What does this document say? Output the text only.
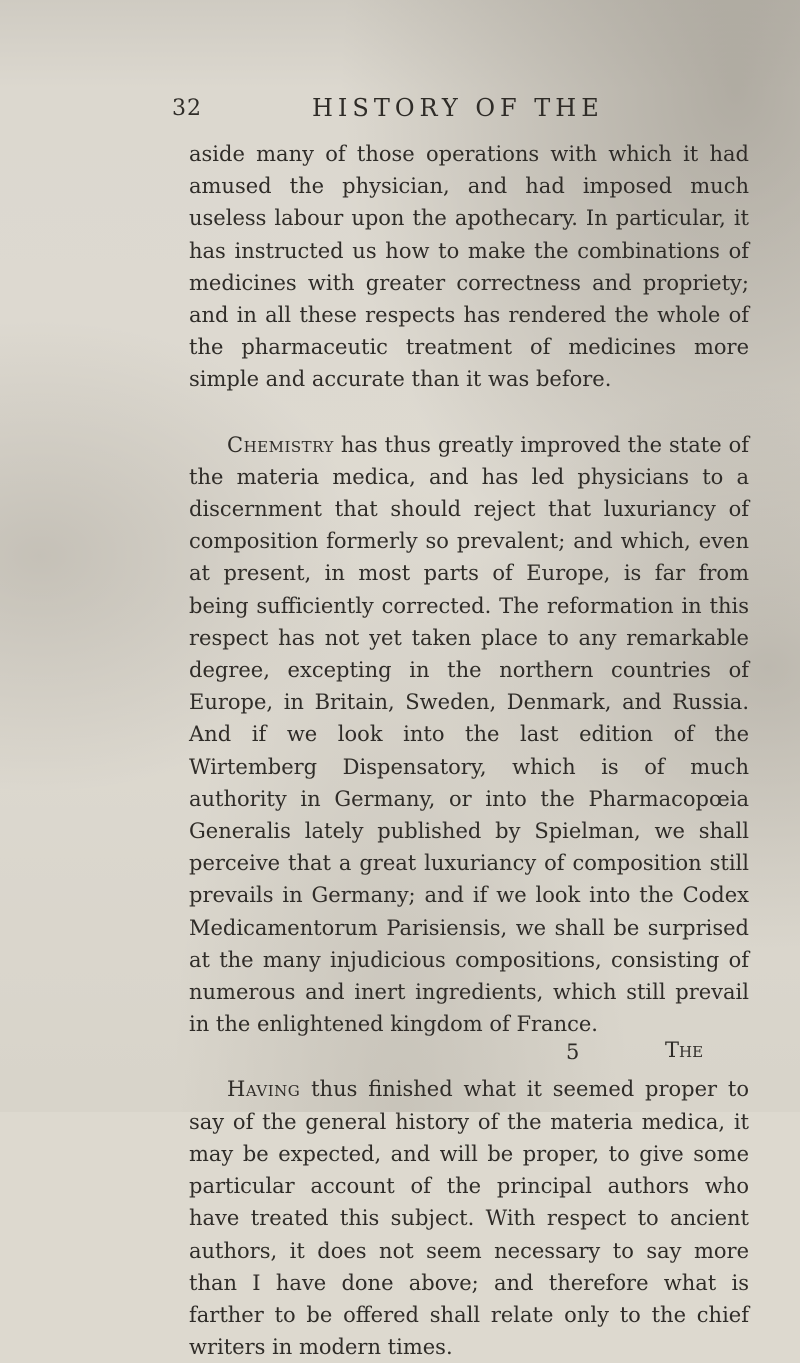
32	HISTORY OF THE

aside many of those operations with which it had amused the physician, and had imposed much useless labour upon the apothecary. In particular, it has instructed us how to make the combinations of medicines with greater correctness and propriety; and in all these respects has rendered the whole of the pharmaceutic treatment of medicines more simple and accurate than it was before.

Chemistry has thus greatly improved the state of the materia medica, and has led physicians to a discernment that should reject that luxuriancy of composition formerly so prevalent; and which, even at present, in most parts of Europe, is far from being sufficiently corrected. The reformation in this respect has not yet taken place to any remarkable degree, excepting in the northern countries of Europe, in Britain, Sweden, Denmark, and Russia. And if we look into the last edition of the Wirtemberg Dispensatory, which is of much authority in Germany, or into the Pharmacopœia Generalis lately published by Spielman, we shall perceive that a great luxuriancy of composition still prevails in Germany; and if we look into the Codex Medicamentorum Parisiensis, we shall be surprised at the many injudicious compositions, consisting of numerous and inert ingredients, which still prevail in the enlightened kingdom of France.

Having thus finished what it seemed proper to say of the general history of the materia medica, it may be expected, and will be proper, to give some particular account of the principal authors who have treated this subject. With respect to ancient authors, it does not seem necessary to say more than I have done above; and therefore what is farther to be offered shall relate only to the chief writers in modern times.

5	The
